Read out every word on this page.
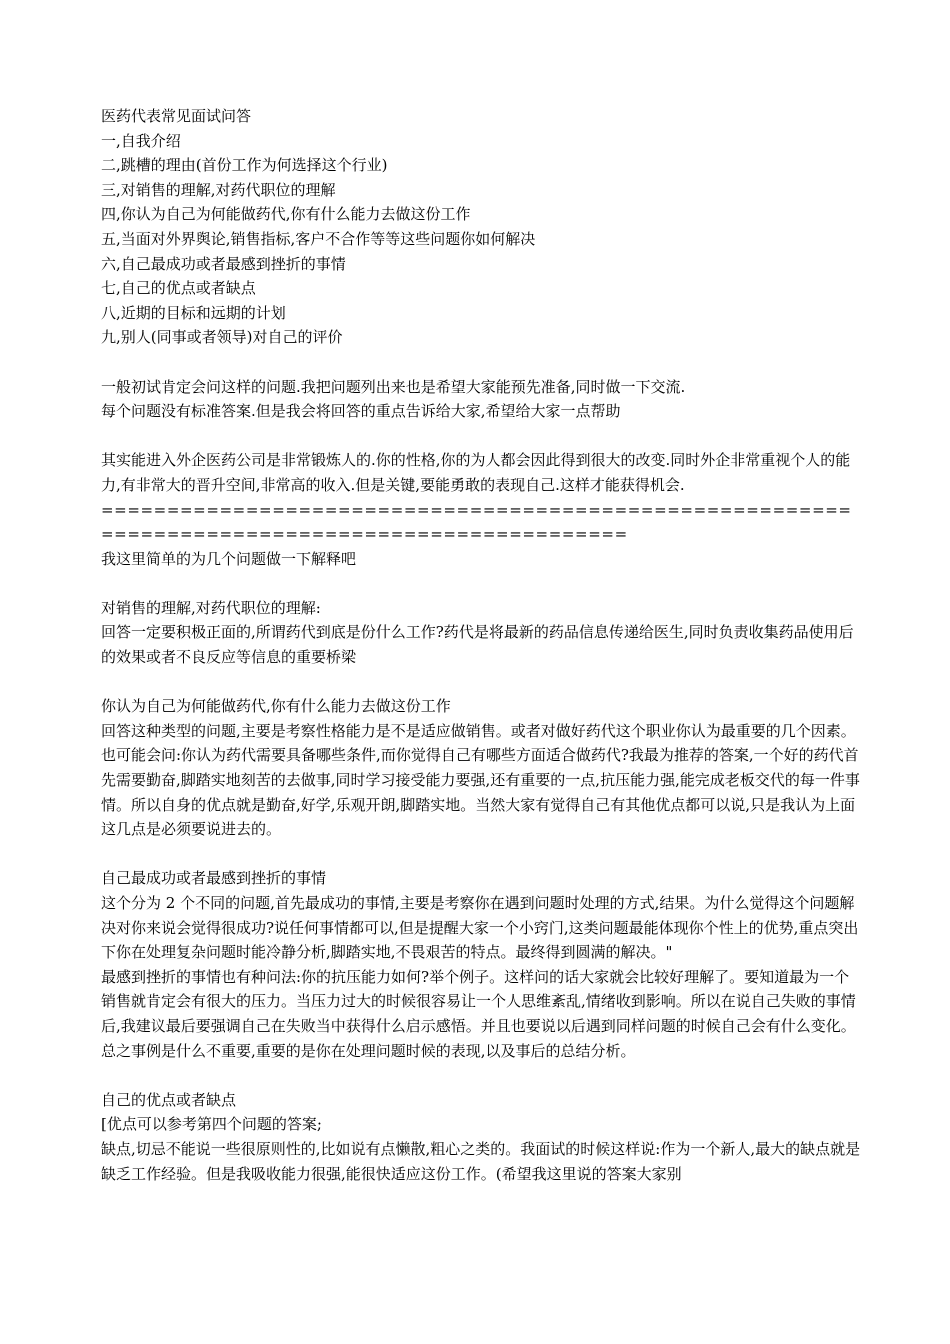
医药代表常见面试问答
一,自我介绍
二,跳槽的理由(首份工作为何选择这个行业)
三,对销售的理解,对药代职位的理解
四,你认为自己为何能做药代,你有什么能力去做这份工作
五,当面对外界舆论,销售指标,客户不合作等等这些问题你如何解决
六,自己最成功或者最感到挫折的事情
七,自己的优点或者缺点
八,近期的目标和远期的计划
九,别人(同事或者领导)对自己的评价
一般初试肯定会问这样的问题.我把问题列出来也是希望大家能预先准备,同时做一下交流.
每个问题没有标准答案.但是我会将回答的重点告诉给大家,希望给大家一点帮助
其实能进入外企医药公司是非常锻炼人的.你的性格,你的为人都会因此得到很大的改变.同时外企非常重视个人的能力,有非常大的晋升空间,非常高的收入.但是关键,要能勇敢的表现自己.这样才能获得机会.
=================================================================================================
我这里简单的为几个问题做一下解释吧
对销售的理解,对药代职位的理解:
回答一定要积极正面的,所谓药代到底是份什么工作?药代是将最新的药品信息传递给医生,同时负责收集药品使用后的效果或者不良反应等信息的重要桥梁
你认为自己为何能做药代,你有什么能力去做这份工作
回答这种类型的问题,主要是考察性格能力是不是适应做销售。或者对做好药代这个职业你认为最重要的几个因素。也可能会问:你认为药代需要具备哪些条件,而你觉得自己有哪些方面适合做药代?我最为推荐的答案,一个好的药代首先需要勤奋,脚踏实地刻苦的去做事,同时学习接受能力要强,还有重要的一点,抗压能力强,能完成老板交代的每一件事情。所以自身的优点就是勤奋,好学,乐观开朗,脚踏实地。当然大家有觉得自己有其他优点都可以说,只是我认为上面这几点是必须要说进去的。
自己最成功或者最感到挫折的事情
这个分为 2 个不同的问题,首先最成功的事情,主要是考察你在遇到问题时处理的方式,结果。为什么觉得这个问题解决对你来说会觉得很成功?说任何事情都可以,但是提醒大家一个小窍门,这类问题最能体现你个性上的优势,重点突出下你在处理复杂问题时能冷静分析,脚踏实地,不畏艰苦的特点。最终得到圆满的解决。"
最感到挫折的事情也有种问法:你的抗压能力如何?举个例子。这样问的话大家就会比较好理解了。要知道最为一个销售就肯定会有很大的压力。当压力过大的时候很容易让一个人思维紊乱,情绪收到影响。所以在说自己失败的事情后,我建议最后要强调自己在失败当中获得什么启示感悟。并且也要说以后遇到同样问题的时候自己会有什么变化。总之事例是什么不重要,重要的是你在处理问题时候的表现,以及事后的总结分析。
自己的优点或者缺点
[优点可以参考第四个问题的答案;
缺点,切忌不能说一些很原则性的,比如说有点懒散,粗心之类的。我面试的时候这样说:作为一个新人,最大的缺点就是缺乏工作经验。但是我吸收能力很强,能很快适应这份工作。(希望我这里说的答案大家别
